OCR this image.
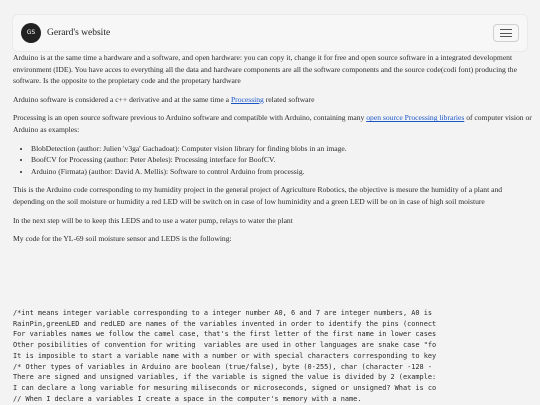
GS	Gerard's website

Arduino is at the same time a hardware and a software, and open hardware: you can copy it, change it for free and open source software in a integrated development environment (IDE). You have acces to everything all the data and hardware components are all the software components and the source code(codi font) producing the software. Is the opposite to the propietary code and the propetary hardware

Arduino software is considered a c++ derivative and at the same time a Processing related software

Processing is an open source software previous to Arduino software and compatible with Arduino, containing many open source Processing libraries of computer vision or Arduino as examples:

• BlobDetection (author: Julien 'v3ga' Gachadoat): Computer vision library for finding blobs in an image.
• BoofCV for Processing (author: Peter Abeles): Processing interface for BoofCV.
• Arduino (Firmata) (author: David A. Mellis): Software to control Arduino from processig.

This is the Arduino code corresponding to my humidity project in the general project of Agriculture Robotics, the objective is mesure the humidity of a plant and depending on the soil moisture or humidity a red LED will be switch on in case of low huminidity and a green LED will be on in case of high soil moisture

In the next step will be to keep this LEDS and to use a water pump, relays to water the plant

My code for the YL-69 soil moisture sensor and LEDS is the following:

/*int means integer variable corresponding to a integer number A0, 6 and 7 are integer numbers, A0 is
RainPin,greenLED and redLED are names of the variables invented in order to identify the pins (connect
For variables names we follow the camel case, that's the first letter of the first name in lower cases
Other posibilities of convention for writing  variables are used in other languages are snake case "fo
It is imposible to start a variable name with a number or with special characters corresponding to key
/* Other types of variables in Arduino are boolean (true/false), byte (0-255), char (character -128 -
There are signed and unsigned variables, if the variable is signed the value is divided by 2 (example:
I can declare a long variable for mesuring miliseconds or microseconds, signed or unsigned? What is co
// When I declare a variables I create a space in the computer's memory with a name.
